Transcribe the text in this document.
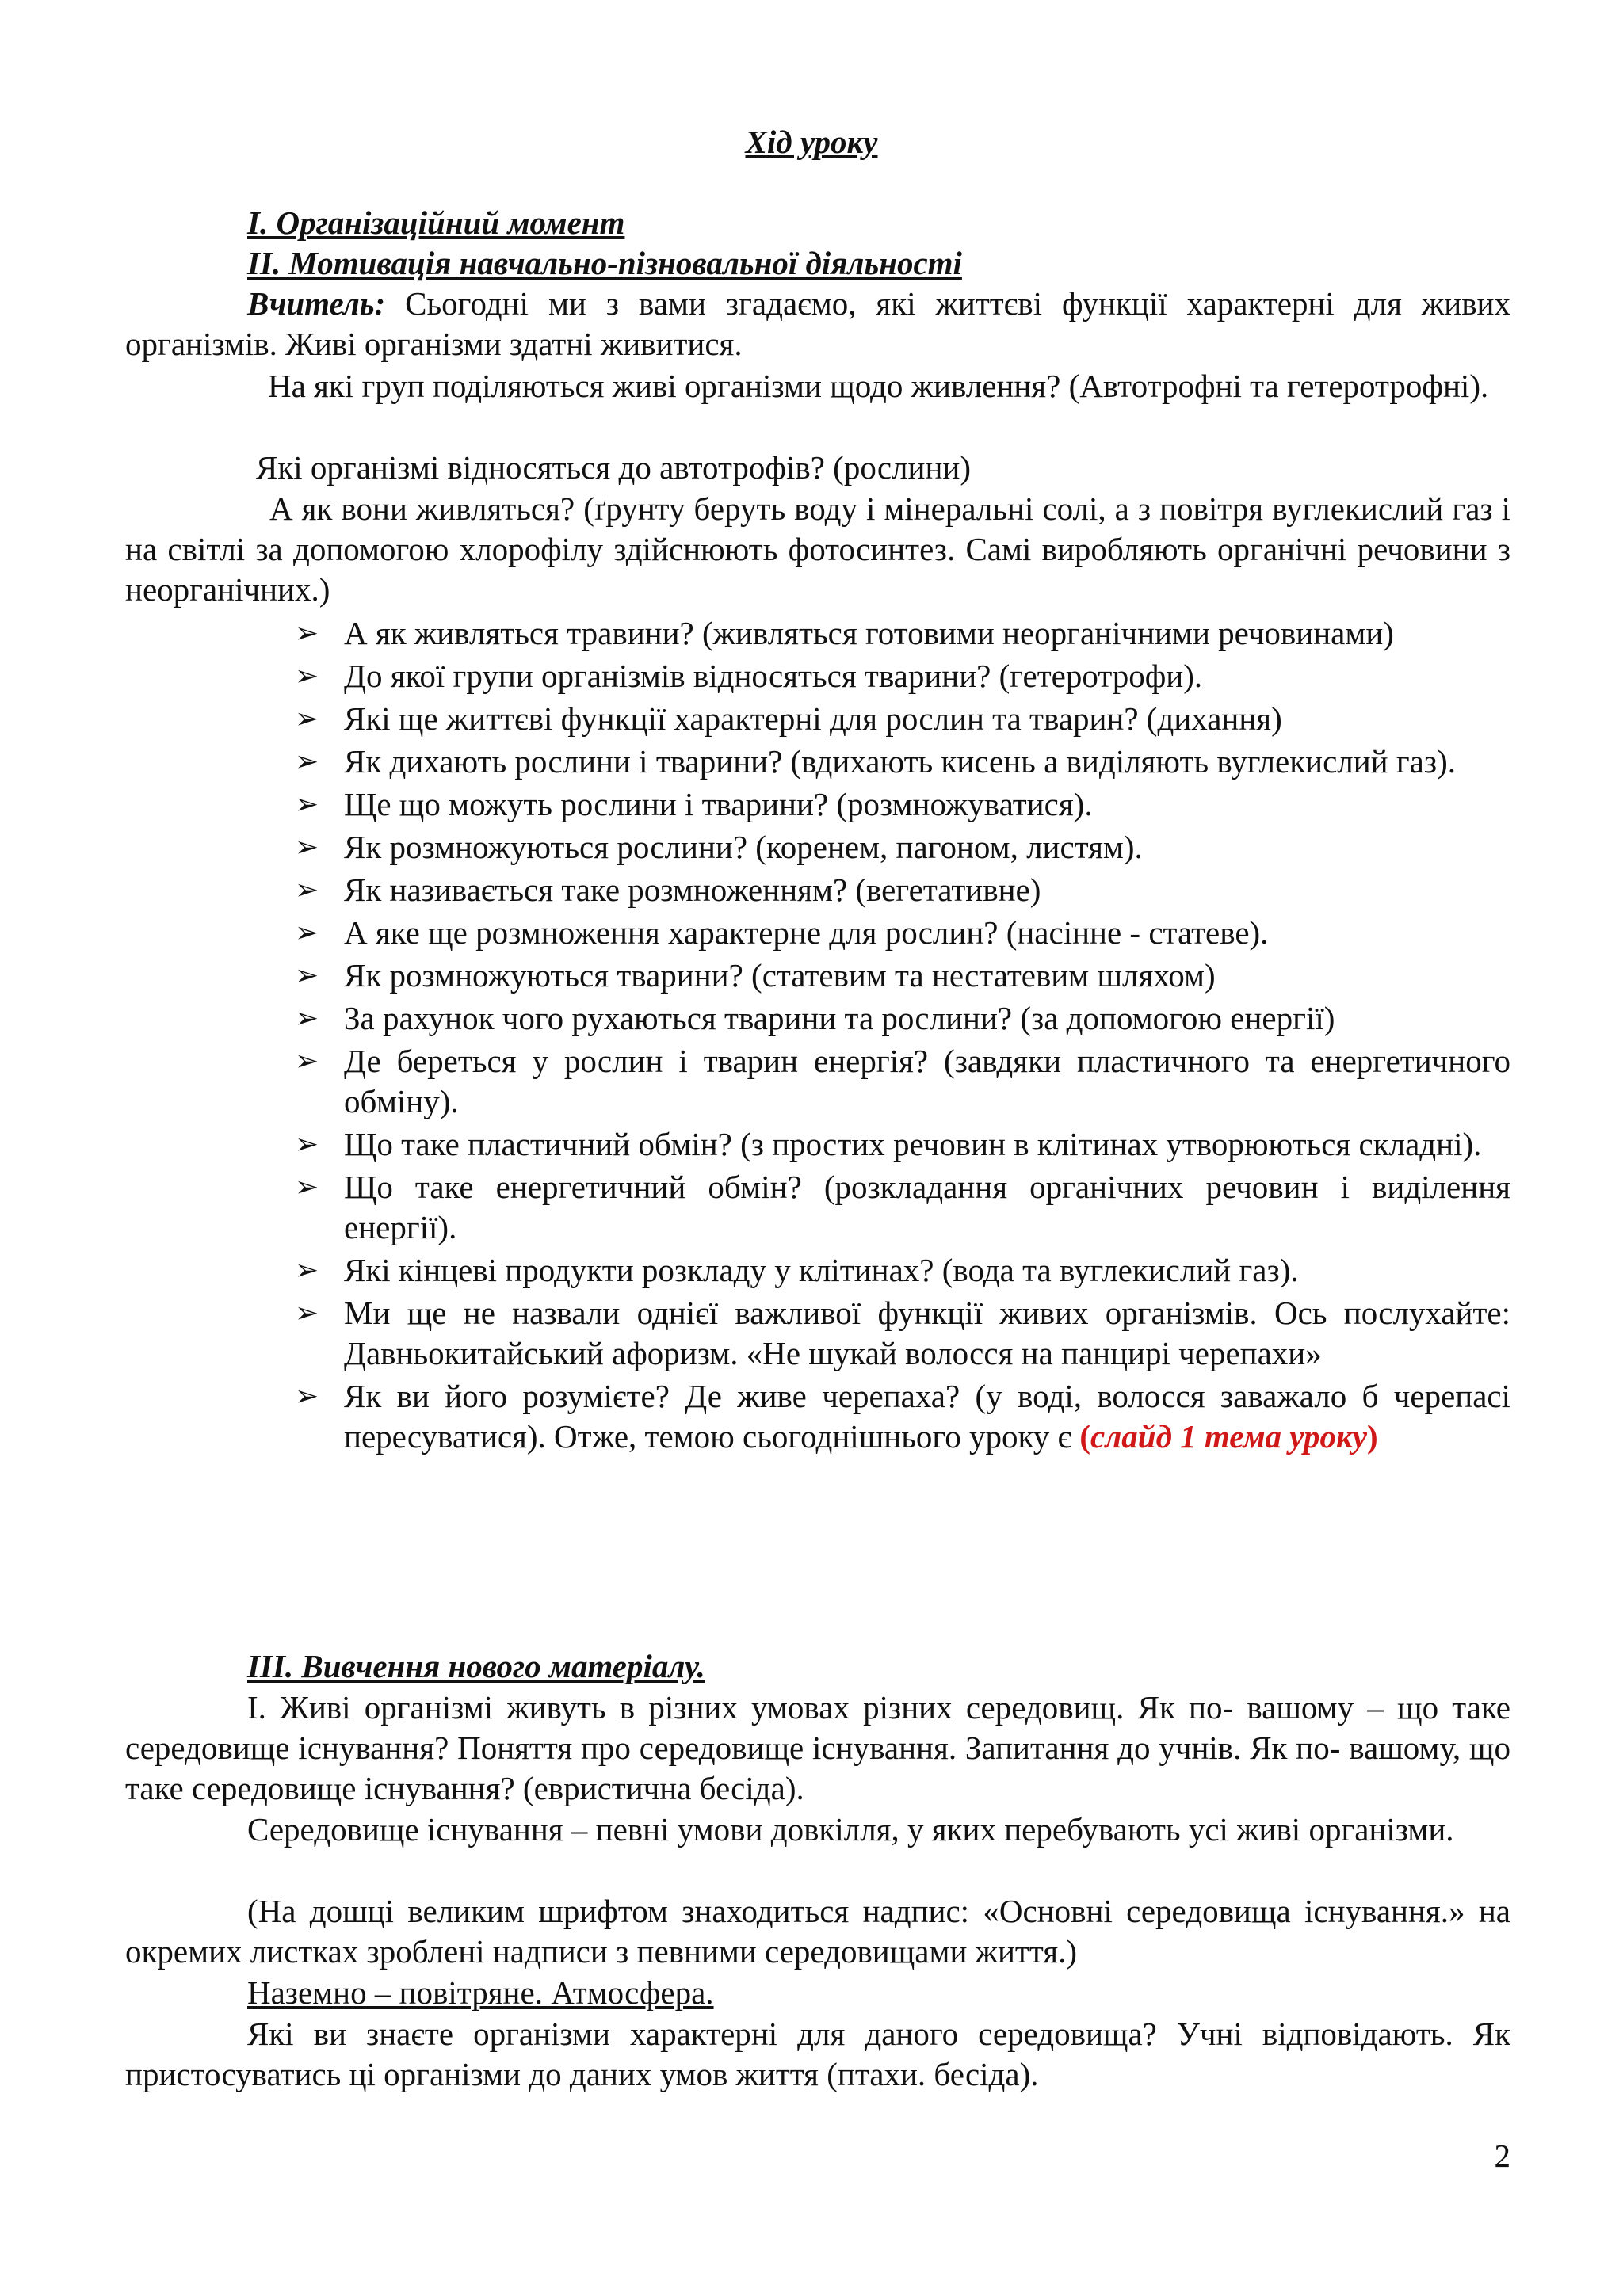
Хід уроку
І. Організаційний момент
ІІ. Мотивація навчально-пізновальної діяльності

Вчитель: Сьогодні ми з вами згадаємо, які життєві функції характерні для живих організмів. Живі організми здатні живитися.

На які груп поділяються живі організми щодо живлення? (Автотрофні та гетеротрофні).

Які організмі відносяться до автотрофів? (рослини)

А як вони живляться? (ґрунту беруть воду і мінеральні солі, а з повітря вуглекислий газ і на світлі за допомогою хлорофілу здійснюють фотосинтез. Самі виробляють органічні речовини з неорганічних.)

➢ А як живляться травини? (живляться готовими неорганічними речовинами)
➢ До якої групи організмів відносяться тварини? (гетеротрофи).
➢ Які ще життєві функції характерні для рослин та тварин? (дихання)
➢ Як дихають рослини і тварини? (вдихають кисень а виділяють вуглекислий газ).
➢ Ще що можуть рослини і тварини? (розмножуватися).
➢ Як розмножуються рослини? (коренем, пагоном, листям).
➢ Як називається таке розмноженням? (вегетативне)
➢ А яке ще розмноження характерне для рослин? (насінне - статеве).
➢ Як розмножуються тварини? (статевим та нестатевим шляхом)
➢ За рахунок чого рухаються тварини та рослини? (за допомогою енергії)
➢ Де береться у рослин і тварин енергія? (завдяки пластичного та енергетичного обміну).
➢ Що таке пластичний обмін? (з простих речовин в клітинах утворюються складні).
➢ Що таке енергетичний обмін? (розкладання органічних речовин і виділення енергії).
➢ Які кінцеві продукти розкладу у клітинах? (вода та вуглекислий газ).
➢ Ми ще не назвали однієї важливої функції живих організмів. Ось послухайте: Давньокитайський афоризм. «Не шукай волосся на панцирі черепахи»
➢ Як ви його розумієте? Де живе черепаха? (у воді, волосся заважало б черепасі пересуватися). Отже, темою сьогоднішнього уроку є (слайд 1 тема уроку)
ІІІ. Вивчення нового матеріалу.

І. Живі організмі живуть в різних умовах різних середовищ. Як по- вашому – що таке середовище існування? Поняття про середовище існування. Запитання до учнів. Як по- вашому, що таке середовище існування? (евристична бесіда).

Середовище існування – певні умови довкілля, у яких перебувають усі живі організми.

(На дошці великим шрифтом знаходиться надпис: «Основні середовища існування.» на окремих листках зроблені надписи з певними середовищами життя.)

Наземно – повітряне. Атмосфера.

Які ви знаєте організми характерні для даного середовища? Учні відповідають. Як пристосуватись ці організми до даних умов життя (птахи. бесіда).

2
